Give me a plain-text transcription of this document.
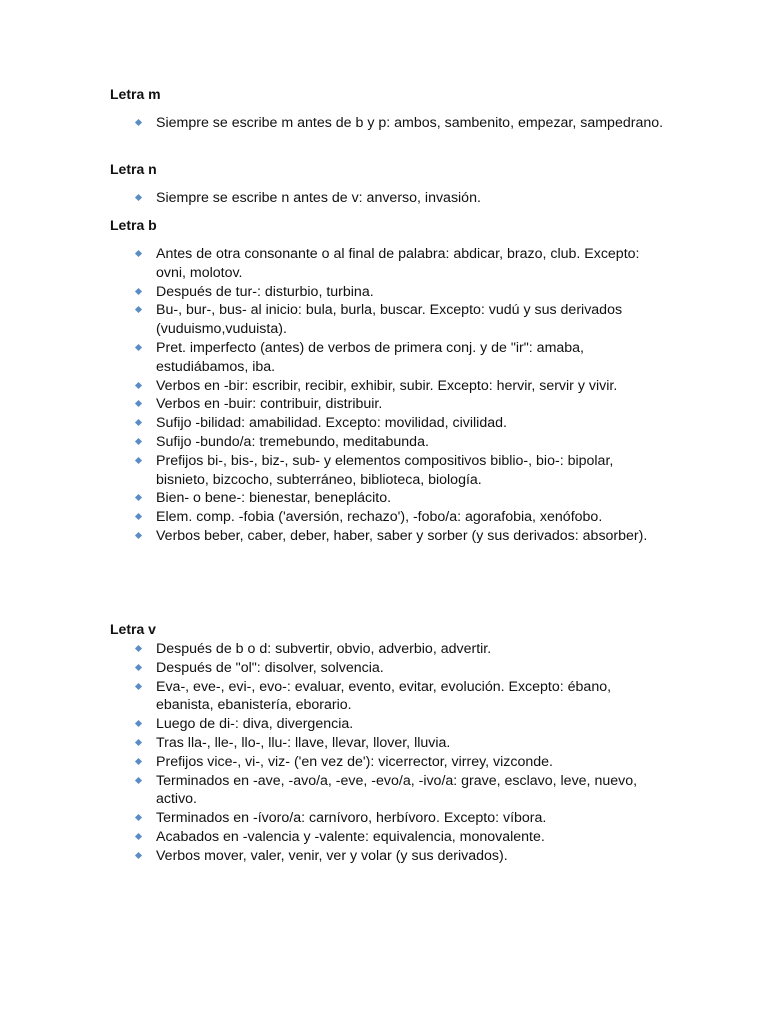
Letra m

Siempre se escribe m antes de b y p: ambos, sambenito, empezar, sampedrano.

Letra n

Siempre se escribe n antes de v: anverso, invasión.

Letra b

Antes de otra consonante o al final de palabra: abdicar, brazo, club. Excepto: ovni, molotov.
Después de tur-: disturbio, turbina.
Bu-, bur-, bus- al inicio: bula, burla, buscar. Excepto: vudú y sus derivados (vuduismo,vuduista).
Pret. imperfecto (antes) de verbos de primera conj. y de "ir": amaba, estudiábamos, iba.
Verbos en -bir: escribir, recibir, exhibir, subir. Excepto: hervir, servir y vivir.
Verbos en -buir: contribuir, distribuir.
Sufijo -bilidad: amabilidad. Excepto: movilidad, civilidad.
Sufijo -bundo/a: tremebundo, meditabunda.
Prefijos bi-, bis-, biz-, sub- y elementos compositivos biblio-, bio-: bipolar, bisnieto, bizcocho, subterráneo, biblioteca, biología.
Bien- o bene-: bienestar, beneplácito.
Elem. comp. -fobia ('aversión, rechazo'), -fobo/a: agorafobia, xenófobo.
Verbos beber, caber, deber, haber, saber y sorber (y sus derivados: absorber).

Letra v

Después de b o d: subvertir, obvio, adverbio, advertir.
Después de "ol": disolver, solvencia.
Eva-, eve-, evi-, evo-: evaluar, evento, evitar, evolución. Excepto: ébano, ebanista, ebanistería, eborario.
Luego de di-: diva, divergencia.
Tras lla-, lle-, llo-, llu-: llave, llevar, llover, lluvia.
Prefijos vice-, vi-, viz- ('en vez de'): vicerrector, virrey, vizconde.
Terminados en -ave, -avo/a, -eve, -evo/a, -ivo/a: grave, esclavo, leve, nuevo, activo.
Terminados en -ívoro/a: carnívoro, herbívoro. Excepto: víbora.
Acabados en -valencia y -valente: equivalencia, monovalente.
Verbos mover, valer, venir, ver y volar (y sus derivados).
